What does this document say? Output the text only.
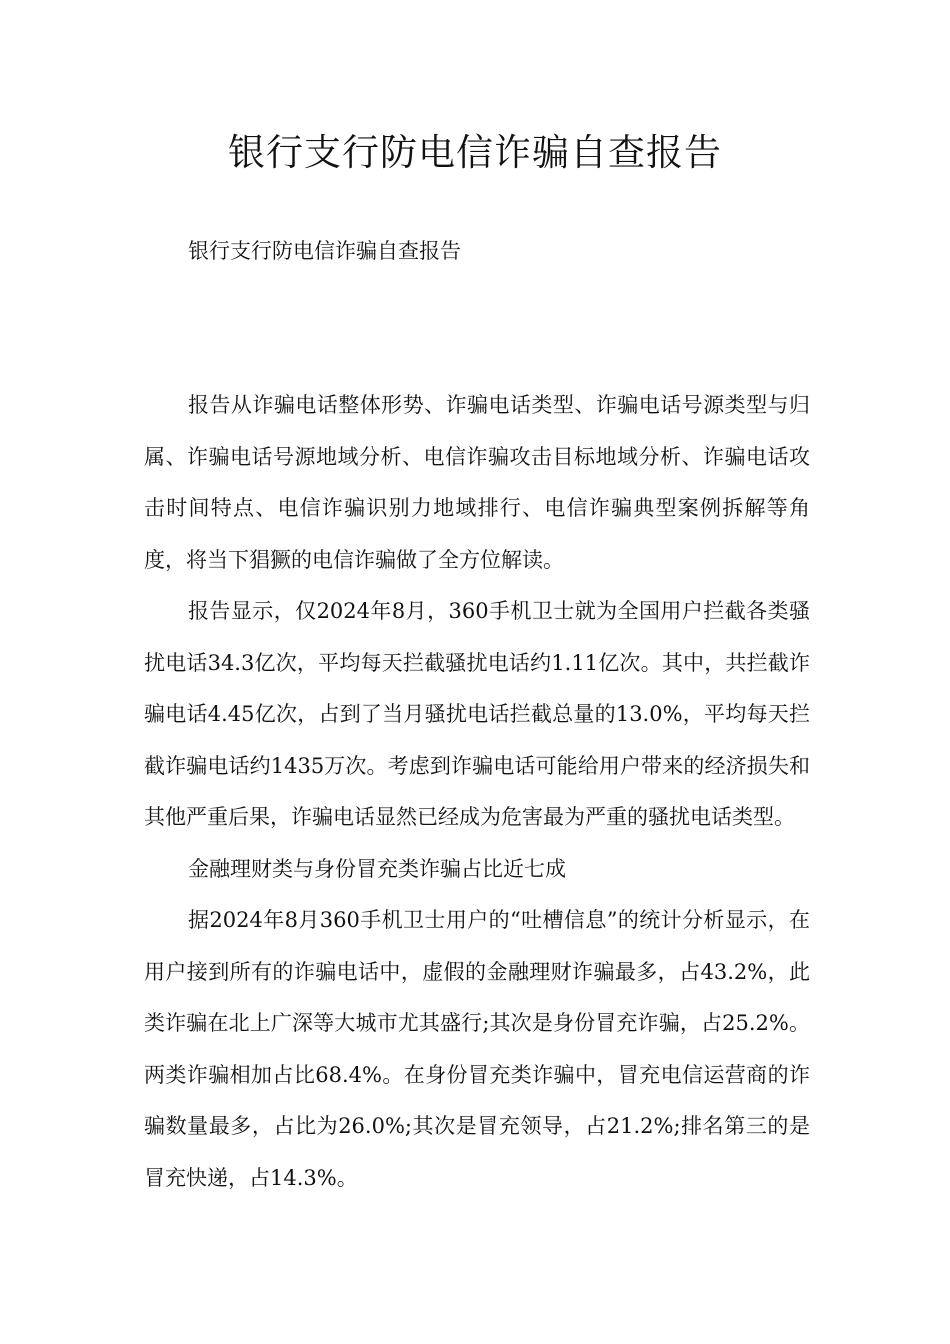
银行支行防电信诈骗自查报告

银行支行防电信诈骗自查报告

报告从诈骗电话整体形势、诈骗电话类型、诈骗电话号源类型与归属、诈骗电话号源地域分析、电信诈骗攻击目标地域分析、诈骗电话攻击时间特点、电信诈骗识别力地域排行、电信诈骗典型案例拆解等角度，将当下猖獗的电信诈骗做了全方位解读。

报告显示，仅2024年8月，360手机卫士就为全国用户拦截各类骚扰电话34.3亿次，平均每天拦截骚扰电话约1.11亿次。其中，共拦截诈骗电话4.45亿次，占到了当月骚扰电话拦截总量的13.0%，平均每天拦截诈骗电话约1435万次。考虑到诈骗电话可能给用户带来的经济损失和其他严重后果，诈骗电话显然已经成为危害最为严重的骚扰电话类型。

金融理财类与身份冒充类诈骗占比近七成

据2024年8月360手机卫士用户的“吐槽信息”的统计分析显示，在用户接到所有的诈骗电话中，虚假的金融理财诈骗最多，占43.2%，此类诈骗在北上广深等大城市尤其盛行;其次是身份冒充诈骗，占25.2%。两类诈骗相加占比68.4%。在身份冒充类诈骗中，冒充电信运营商的诈骗数量最多，占比为26.0%;其次是冒充领导，占21.2%;排名第三的是冒充快递，占14.3%。
